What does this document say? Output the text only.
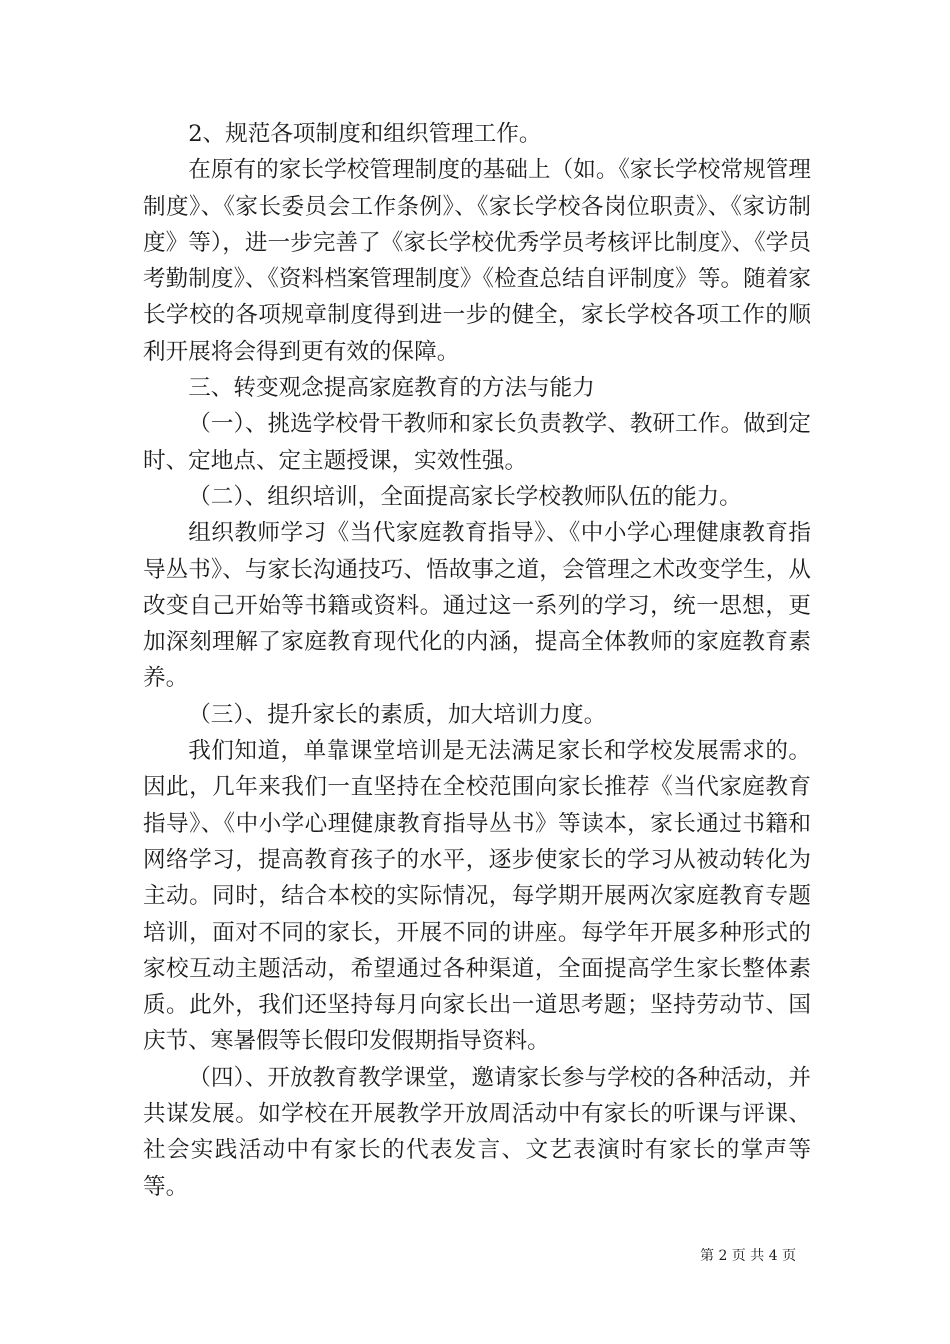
2、规范各项制度和组织管理工作。

在原有的家长学校管理制度的基础上（如。《家长学校常规管理制度》、《家长委员会工作条例》、《家长学校各岗位职责》、《家访制度》等），进一步完善了《家长学校优秀学员考核评比制度》、《学员考勤制度》、《资料档案管理制度》《检查总结自评制度》等。随着家长学校的各项规章制度得到进一步的健全，家长学校各项工作的顺利开展将会得到更有效的保障。

三、转变观念提高家庭教育的方法与能力

（一）、挑选学校骨干教师和家长负责教学、教研工作。做到定时、定地点、定主题授课，实效性强。

（二）、组织培训，全面提高家长学校教师队伍的能力。

组织教师学习《当代家庭教育指导》、《中小学心理健康教育指导丛书》、与家长沟通技巧、悟故事之道，会管理之术改变学生，从改变自己开始等书籍或资料。通过这一系列的学习，统一思想，更加深刻理解了家庭教育现代化的内涵，提高全体教师的家庭教育素养。

（三）、提升家长的素质，加大培训力度。

我们知道，单靠课堂培训是无法满足家长和学校发展需求的。因此，几年来我们一直坚持在全校范围向家长推荐《当代家庭教育指导》、《中小学心理健康教育指导丛书》等读本，家长通过书籍和网络学习，提高教育孩子的水平，逐步使家长的学习从被动转化为主动。同时，结合本校的实际情况，每学期开展两次家庭教育专题培训，面对不同的家长，开展不同的讲座。每学年开展多种形式的家校互动主题活动，希望通过各种渠道，全面提高学生家长整体素质。此外，我们还坚持每月向家长出一道思考题；坚持劳动节、国庆节、寒暑假等长假印发假期指导资料。

（四）、开放教育教学课堂，邀请家长参与学校的各种活动，并共谋发展。如学校在开展教学开放周活动中有家长的听课与评课、社会实践活动中有家长的代表发言、文艺表演时有家长的掌声等等。

第 2 页 共 4 页
